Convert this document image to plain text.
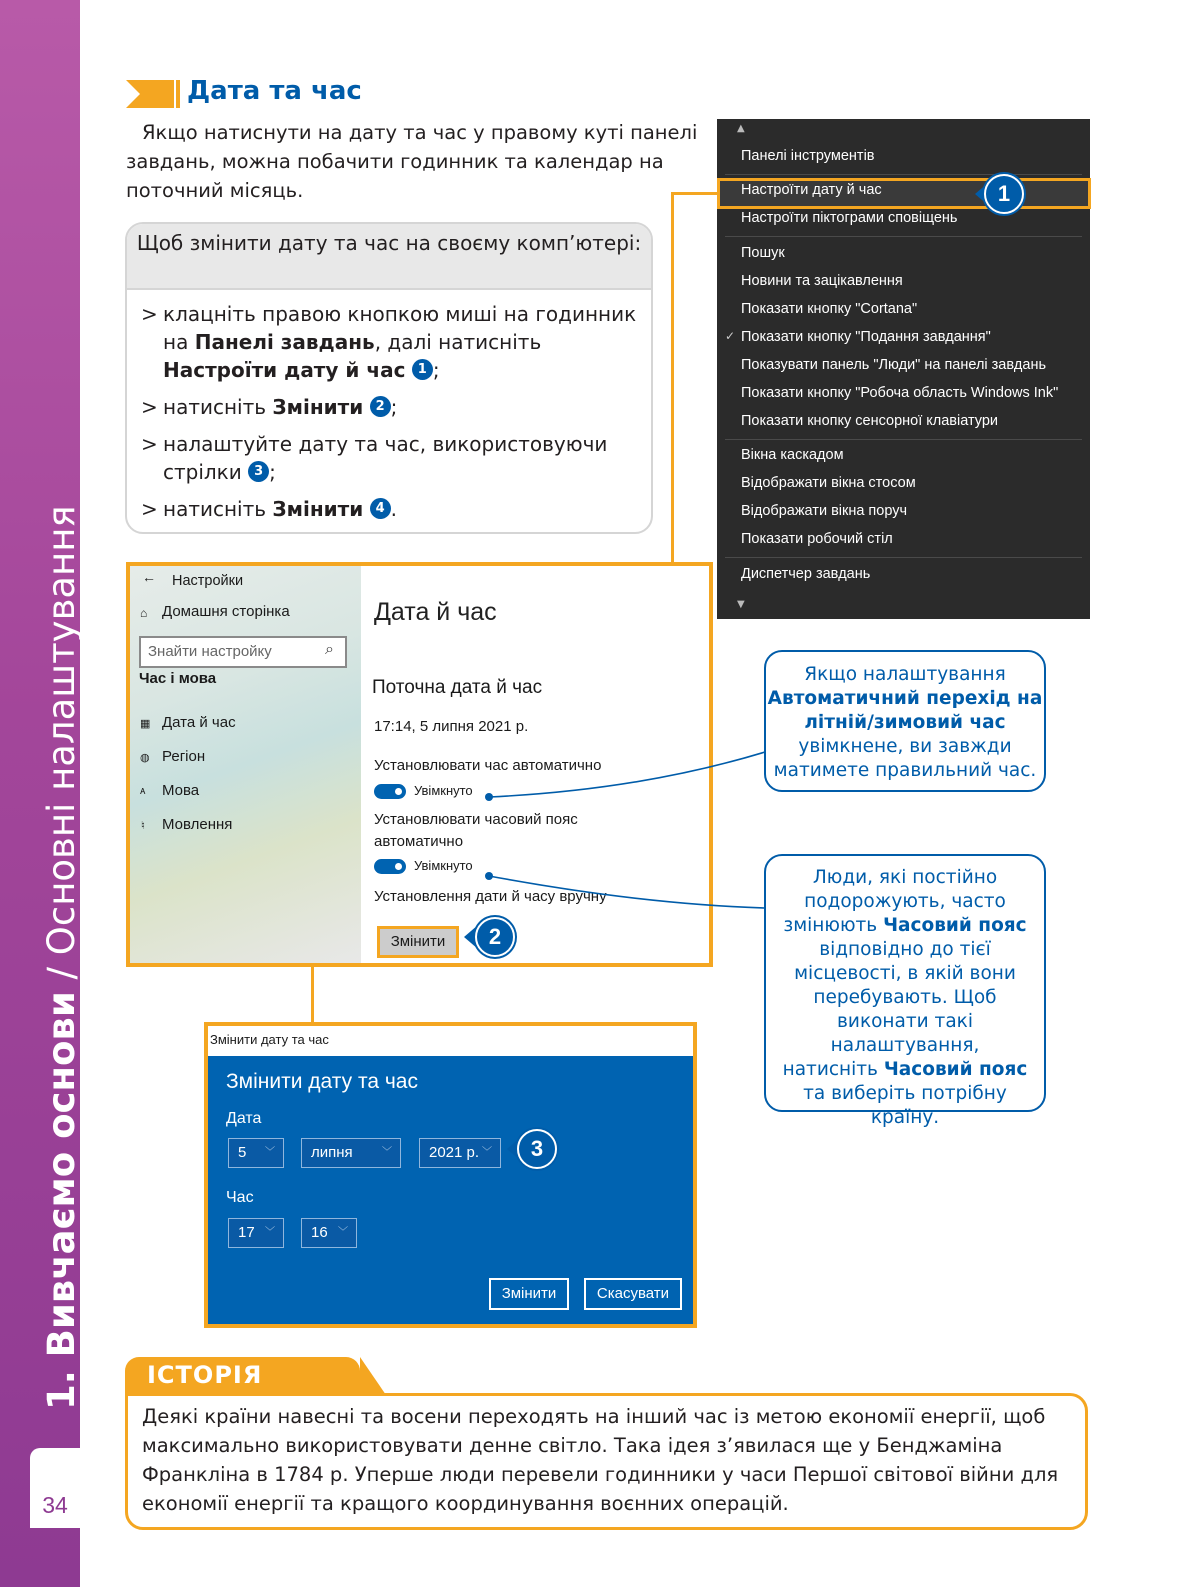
1. Вивчаємо основи / Основні налаштування
34
Дата та час
Якщо натиснути на дату та час у правому куті панелі завдань, можна побачити годинник та календар на поточний місяць.
Щоб змінити дату та час на своєму комп’ютері:
> клацніть правою кнопкою миші на годинник на Панелі завдань, далі натисніть Настроїти дату й час 1 ;
> натисніть Змінити 2 ;
> налаштуйте дату та час, використовуючи стрілки 3 ;
> натисніть Змінити 4 .
▲
Панелі інструментів
Настроїти дату й час
Настроїти піктограми сповіщень
Пошук
Новини та зацікавлення
Показати кнопку "Cortana"
✓ Показати кнопку "Подання завдання"
Показувати панель "Люди" на панелі завдань
Показати кнопку "Робоча область Windows Ink"
Показати кнопку сенсорної клавіатури
Вікна каскадом
Відображати вікна стосом
Відображати вікна поруч
Показати робочий стіл
Диспетчер завдань
▼
1
← Настройки
⌂ Домашня сторінка
Знайти настройку	⌕
Час і мова
▦ Дата й час
◍ Регіон
ᴀ Мова
♮ Мовлення
Дата й час
Поточна дата й час
17:14, 5 липня 2021 р.
Установлювати час автоматично
Увімкнуто
Установлювати часовий пояс
автоматично
Увімкнуто
Установлення дати й часу вручну
Змінити	2
Змінити дату та час
Змінити дату та час
Дата
5 ﹀	липня	﹀	2021 р. ﹀
Час
17 ﹀	16 ﹀
Змінити	Скасувати
3
Якщо налаштування
Автоматичний перехід на літній/зимовий час
увімкнене, ви завжди матимете правильний час.
Люди, які постійно подорожують, часто змінюють Часовий пояс відповідно до тієї місцевості, в якій вони перебувають. Щоб виконати такі налаштування, натисніть Часовий пояс та виберіть потрібну країну.
ІСТОРІЯ
Деякі країни навесні та восени переходять на інший час із метою економії енергії, щоб максимально використовувати денне світло. Така ідея з’явилася ще у Бенджаміна Франкліна в 1784 р. Уперше люди перевели годинники у часи Першої світової війни для економії енергії та кращого координування воєнних операцій.
